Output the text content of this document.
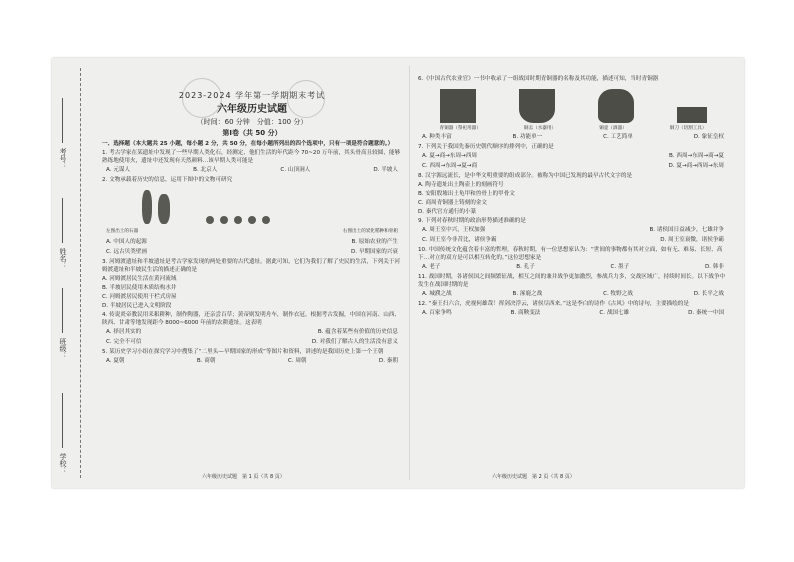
考号：
姓名：
班级：
学校：
2023-2024 学年第一学期期末考试
六年级历史试题
（时间：60 分钟　分值：100 分）
第Ⅰ卷（共 50 分）
一、选择题（本大题共 25 小题，每小题 2 分，共 50 分，在每小题所列出的四个选项中，只有一项是符合题意的。）
1. 考古学家在某遗址中发现了一些早期人类化石，经测定，他们生活的年代距今 70~20 万年前，其头骨高且较圆，能够熟练地使用火，遗址中还发现有天然颜料…该早期人类可能是
A. 元谋人	B. 北京人	C. 山顶洞人	D. 半坡人
2. 文物承载着历史的信息，运用下图中的文物可研究
左图出土的石器	右图出土的炭化稻种和骨耜
A. 中国人的起源	B. 原始农业的产生
C. 远古贝类壁画	D. 早期国家的兴衰
3. 河姆渡遗址和半坡遗址是考古学家发现的两处重要的古代遗址。据此可知，它们为我们了解了史民的生活，下列关于河姆渡遗址和半坡民生活的描述正确的是
A. 河姆渡居民生活在黄河流域
B. 半坡居民使用木质结构水井
C. 河姆渡居民使用干栏式房屋
D. 半坡居民已进入文明阶段
4. 传说炎帝教民用耒耜耕种，制作陶器，还亲尝百草；黄帝则发明舟车，制作衣冠。根据考古发掘，中国在河南、山西、陕西、甘肃等地发现距今 8000~6000 年前的农耕遗址。这表明
A. 择居其实的	B. 蕴含着某些有价值的历史信息
C. 完全不可信	D. 对我们了解古人的生活没有意义
5. 某历史学习小组在探究学习中搜集了“二里头—早期国家的形成”等图片和资料，讲述的是我国历史上第一个王朝
A. 夏朝	B. 商朝	C. 周朝	D. 秦朝
六年级历史试题　第 1 页（共 8 页）
6.《中国古代农业官》一书中收录了一组战国时期青铜器的名称及其功能，描述可知，当时青铜器
青铜器（祭祀用器）	铜盂（水器用）	铜壶（酒器）	铜刀（切割工具）
A. 种类丰富	B. 功能单一	C. 工艺简单	D. 象征皇权
7. 下列关于我国先秦历史朝代顺序的排列中，正确的是
A. 夏→商→东周→西周	B. 西周→东周→商→夏
C. 西周→东周→夏→商	D. 夏→商→西周→东周
8. 汉字源远流长，是中华文明重要的组成部分。被称为中国已发现的最早古代文字的是
A. 陶寺遗址出土陶壶上的刻画符号
B. 安阳殷墟出土龟甲和兽骨上的甲骨文
C. 商周青铜器上铸刻的金文
D. 秦代官方通行的小篆
9. 下列对春秋时期的政治形势描述准确的是
A. 周王室中兴，王权加强	B. 诸侯国日益减少，七雄并争
C. 周王室今非昔比，诸侯争霸	D. 周王室衰微，诸侯争霸
10. 中国传统文化蕴含着丰富的哲理。春秋时期，有一位思想家认为：“世间的事物都有其对立面，如有无、难易、长短、高下…对立的双方是可以相互转化的。”这位思想家是
A. 老子	B. 孔子	C. 墨子	D. 韩非
11. 战国时期，各诸侯国之间频繁征战，相互之间的兼并战争更加激烈，参战兵力多，交战区域广，持续时间长。以下战争中发生在战国时期的是
A. 城濮之战	B. 涿鹿之战	C. 牧野之战	D. 长平之战
12. “秦王扫六合，虎视何雄哉！挥剑决浮云，诸侯尽西来。”这是李白的诗作《古风》中的诗句，主要描绘的是
A. 百家争鸣	B. 商鞅变法	C. 战国七雄	D. 秦统一中国
六年级历史试题　第 2 页（共 8 页）
